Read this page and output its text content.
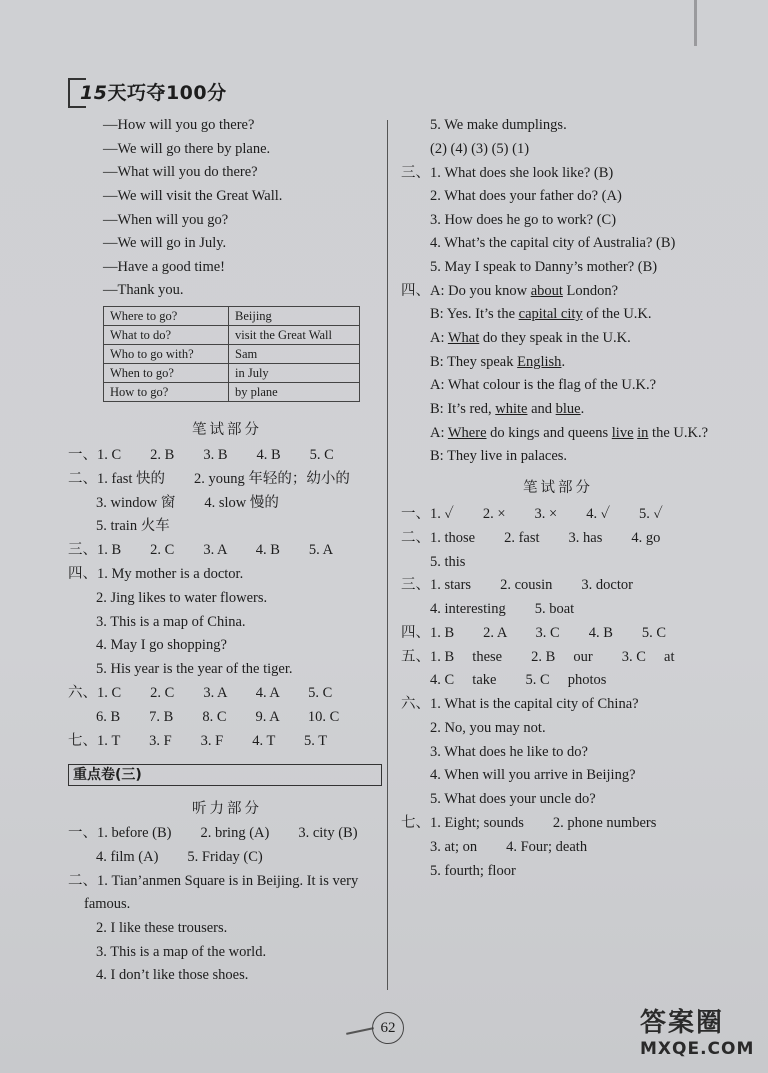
15天巧夺100分
—How will you go there?
—We will go there by plane.
—What will you do there?
—We will visit the Great Wall.
—When will you go?
—We will go in July.
—Have a good time!
—Thank you.
Where to go?	Beijing
What to do?	visit the Great Wall
Who to go with?	Sam
When to go?	in July
How to go?	by plane
笔试部分
一、1. C　　2. B　　3. B　　4. B　　5. C
二、1. fast 快的　　2. young 年轻的；幼小的
3. window 窗　　4. slow 慢的
5. train 火车
三、1. B　　2. C　　3. A　　4. B　　5. A
四、1. My mother is a doctor.
2. Jing likes to water flowers.
3. This is a map of China.
4. May I go shopping?
5. His year is the year of the tiger.
六、1. C　　2. C　　3. A　　4. A　　5. C
6. B　　7. B　　8. C　　9. A　　10. C
七、1. T　　3. F　　3. F　　4. T　　5. T
重点卷(三)
听力部分
一、1. before (B)　　2. bring (A)　　3. city (B)
4. film (A)　　5. Friday (C)
二、1. Tian’anmen Square is in Beijing. It is very
famous.
2. I like these trousers.
3. This is a map of the world.
4. I don’t like those shoes.
5. We make dumplings.
(2) (4) (3) (5) (1)
三、1. What does she look like? (B)
2. What does your father do? (A)
3. How does he go to work? (C)
4. What’s the capital city of Australia? (B)
5. May I speak to Danny’s mother? (B)
四、A: Do you know about London?
B: Yes. It’s the capital city of the U.K.
A: What do they speak in the U.K.
B: They speak English.
A: What colour is the flag of the U.K.?
B: It’s red, white and blue.
A: Where do kings and queens live in the U.K.?
B: They live in palaces.
笔试部分
一、1. ✓　　2. ×　　3. ×　　4. ✓　　5. ✓
二、1. those　　2. fast　　3. has　　4. go
5. this
三、1. stars　　2. cousin　　3. doctor
4. interesting　　5. boat
四、1. B　　2. A　　3. C　　4. B　　5. C
五、1. B　 these　　2. B　 our　　3. C　 at
4. C　 take　　5. C　 photos
六、1. What is the capital city of China?
2. No, you may not.
3. What does he like to do?
4. When will you arrive in Beijing?
5. What does your uncle do?
七、1. Eight; sounds　　2. phone numbers
3. at; on　　4. Four; death
5. fourth; floor
62	答案圈
MXQE.COM
